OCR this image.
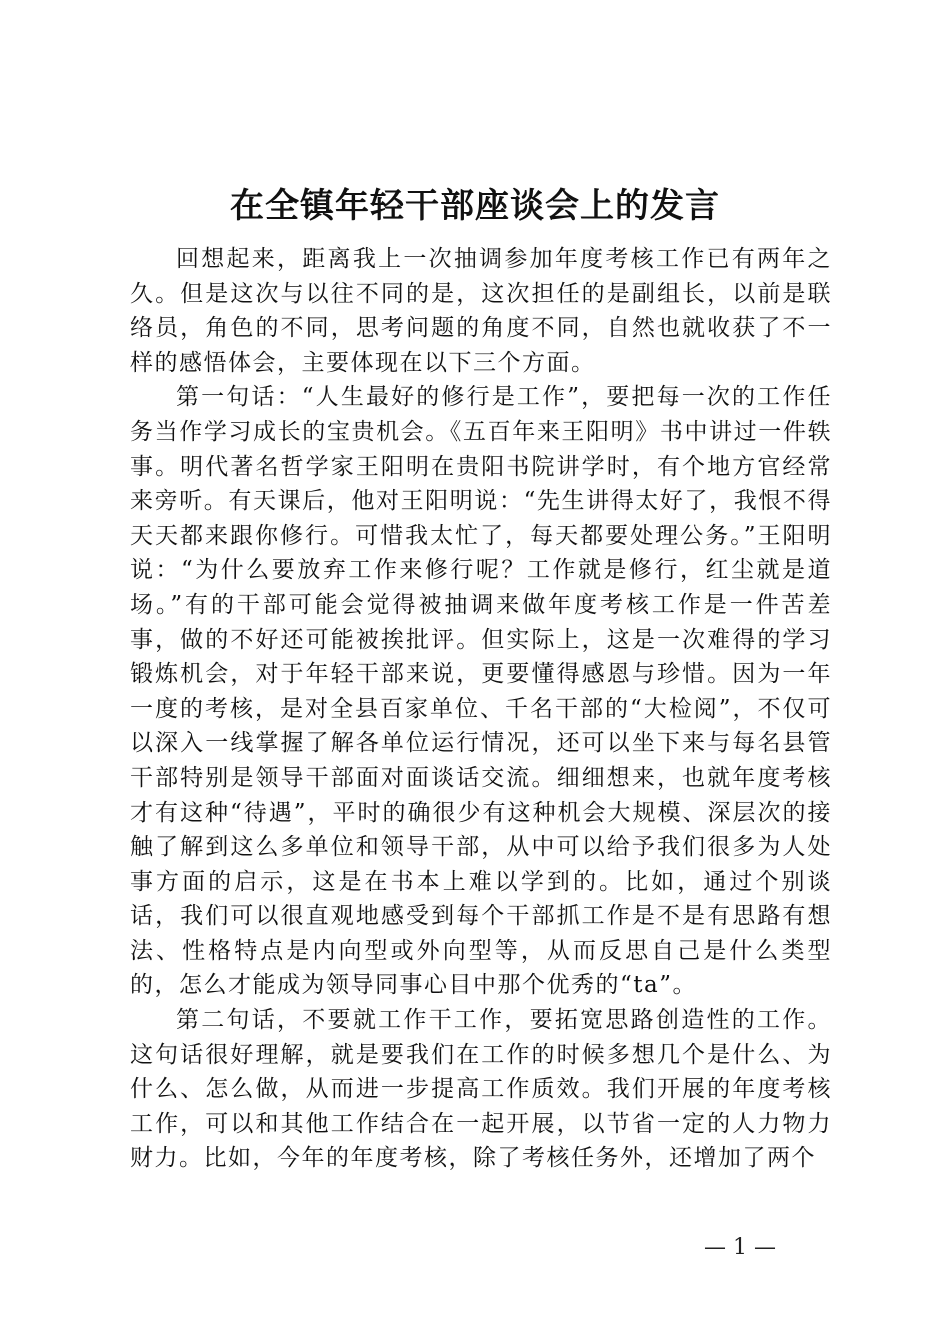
在全镇年轻干部座谈会上的发言

回想起来，距离我上一次抽调参加年度考核工作已有两年之久。但是这次与以往不同的是，这次担任的是副组长，以前是联络员，角色的不同，思考问题的角度不同，自然也就收获了不一样的感悟体会，主要体现在以下三个方面。

第一句话：“人生最好的修行是工作”，要把每一次的工作任务当作学习成长的宝贵机会。《五百年来王阳明》书中讲过一件轶事。明代著名哲学家王阳明在贵阳书院讲学时，有个地方官经常来旁听。有天课后，他对王阳明说：“先生讲得太好了，我恨不得天天都来跟你修行。可惜我太忙了，每天都要处理公务。”王阳明说：“为什么要放弃工作来修行呢？工作就是修行，红尘就是道场。”有的干部可能会觉得被抽调来做年度考核工作是一件苦差事，做的不好还可能被挨批评。但实际上，这是一次难得的学习锻炼机会，对于年轻干部来说，更要懂得感恩与珍惜。因为一年一度的考核，是对全县百家单位、千名干部的“大检阅”，不仅可以深入一线掌握了解各单位运行情况，还可以坐下来与每名县管干部特别是领导干部面对面谈话交流。细细想来，也就年度考核才有这种“待遇”，平时的确很少有这种机会大规模、深层次的接触了解到这么多单位和领导干部，从中可以给予我们很多为人处事方面的启示，这是在书本上难以学到的。比如，通过个别谈话，我们可以很直观地感受到每个干部抓工作是不是有思路有想法、性格特点是内向型或外向型等，从而反思自己是什么类型的，怎么才能成为领导同事心目中那个优秀的“ta”。

第二句话，不要就工作干工作，要拓宽思路创造性的工作。这句话很好理解，就是要我们在工作的时候多想几个是什么、为什么、怎么做，从而进一步提高工作质效。我们开展的年度考核工作，可以和其他工作结合在一起开展，以节省一定的人力物力财力。比如，今年的年度考核，除了考核任务外，还增加了两个

— 1 —
